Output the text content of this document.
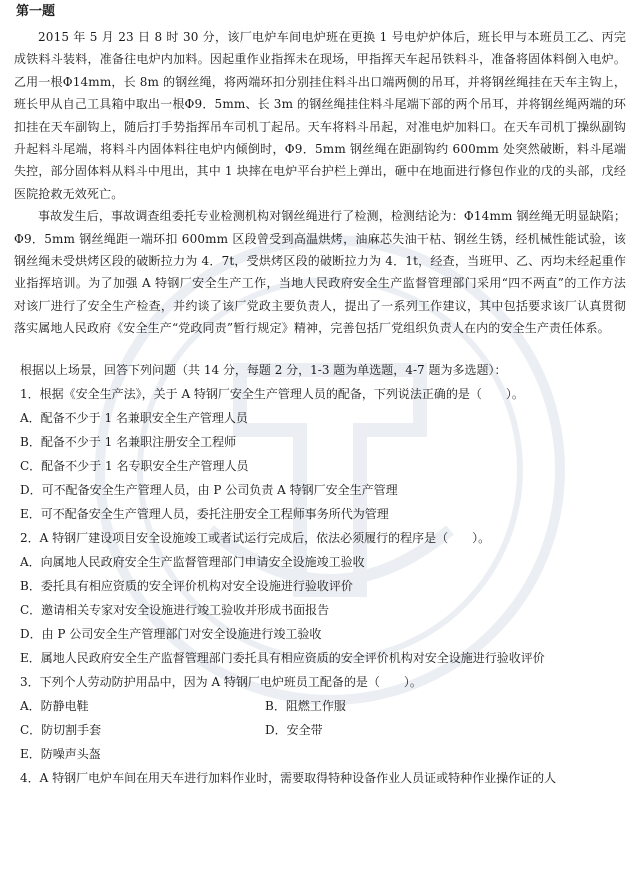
第一题

2015 年 5 月 23 日 8 时 30 分，该厂电炉车间电炉班在更换 1 号电炉炉体后，班长甲与本班员工乙、丙完成铁料斗装料，准备往电炉内加料。因起重作业指挥未在现场，甲指挥天车起吊铁料斗，准备将固体料倒入电炉。乙用一根Φ14mm，长 8m 的钢丝绳，将两端环扣分别挂住料斗出口端两侧的吊耳，并将钢丝绳挂在天车主钩上，班长甲从自己工具箱中取出一根Φ9．5mm、长 3m 的钢丝绳挂住料斗尾端下部的两个吊耳，并将钢丝绳两端的环扣挂在天车副钩上，随后打手势指挥吊车司机丁起吊。天车将料斗吊起，对准电炉加料口。在天车司机丁操纵副钩升起料斗尾端，将料斗内固体料往电炉内倾倒时，Φ9．5mm 钢丝绳在距副钩约 600mm 处突然破断，料斗尾端失控，部分固体料从料斗中甩出，其中 1 块摔在电炉平台护栏上弹出，砸中在地面进行修包作业的戊的头部，戊经医院抢救无效死亡。

事故发生后，事故调查组委托专业检测机构对钢丝绳进行了检测，检测结论为：Φ14mm 钢丝绳无明显缺陷；Φ9．5mm 钢丝绳距一端环扣 600mm 区段曾受到高温烘烤，油麻芯失油干枯、钢丝生锈，经机械性能试验，该钢丝绳未受烘烤区段的破断拉力为 4．7t，受烘烤区段的破断拉力为 4．1t，经查，当班甲、乙、丙均未经起重作业指挥培训。为了加强 A 特钢厂安全生产工作，当地人民政府安全生产监督管理部门采用“四不两直”的工作方法对该厂进行了安全生产检查，并约谈了该厂党政主要负责人，提出了一系列工作建议，其中包括要求该厂认真贯彻落实属地人民政府《安全生产“党政同责”暂行规定》精神，完善包括厂党组织负责人在内的安全生产责任体系。

根据以上场景，回答下列问题（共 14 分，每题 2 分，1-3 题为单选题，4-7 题为多选题）：

1．根据《安全生产法》，关于 A 特钢厂安全生产管理人员的配备，下列说法正确的是（　　）。

A．配备不少于 1 名兼职安全生产管理人员

B．配备不少于 1 名兼职注册安全工程师

C．配备不少于 1 名专职安全生产管理人员

D．可不配备安全生产管理人员，由 P 公司负责 A 特钢厂安全生产管理

E．可不配备安全生产管理人员，委托注册安全工程师事务所代为管理

2．A 特钢厂建设项目安全设施竣工或者试运行完成后，依法必须履行的程序是（　　）。

A．向属地人民政府安全生产监督管理部门申请安全设施竣工验收

B．委托具有相应资质的安全评价机构对安全设施进行验收评价

C．邀请相关专家对安全设施进行竣工验收并形成书面报告

D．由 P 公司安全生产管理部门对安全设施进行竣工验收

E．属地人民政府安全生产监督管理部门委托具有相应资质的安全评价机构对安全设施进行验收评价

3．下列个人劳动防护用品中，因为 A 特钢厂电炉班员工配备的是（　　）。

A．防静电鞋	B．阻燃工作服

C．防切割手套	D．安全带

E．防噪声头盔

4．A 特钢厂电炉车间在用天车进行加料作业时，需要取得特种设备作业人员证或特种作业操作证的人
